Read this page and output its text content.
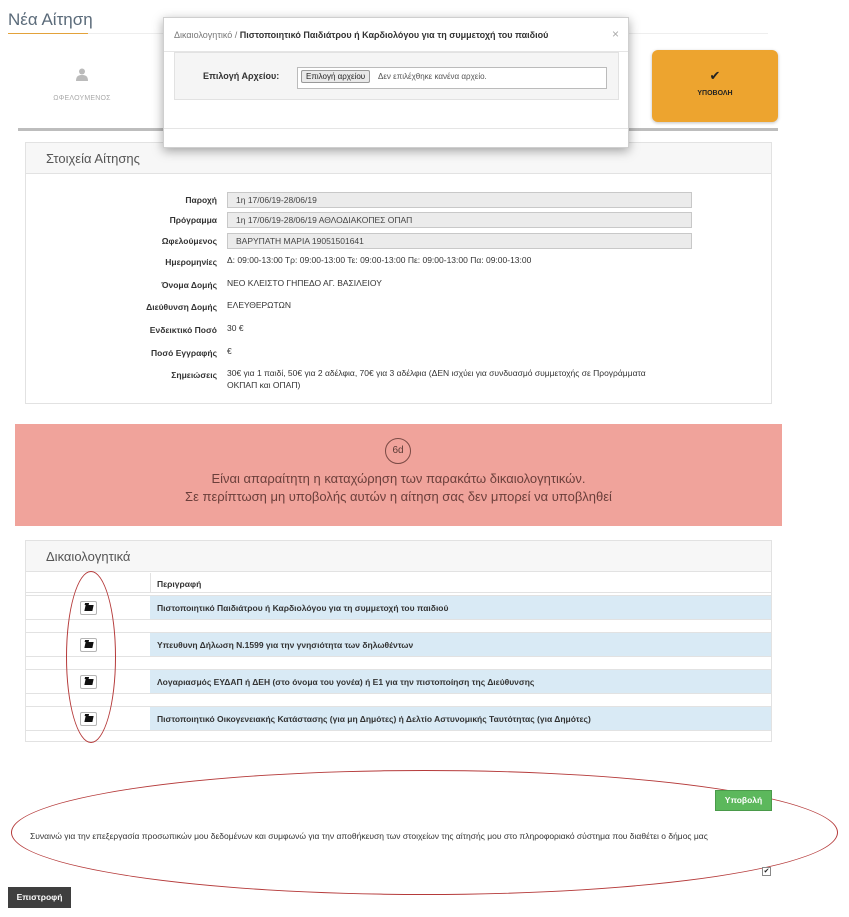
Νέα Αίτηση
ΩΦΕΛΟΥΜΕΝΟΣ
✔
ΥΠΟΒΟΛΗ
Δικαιολογητικό / Πιστοποιητικό Παιδιάτρου ή Καρδιολόγου για τη συμμετοχή του παιδιού	×
Επιλογή Αρχείου:	Επιλογή αρχείου	Δεν επιλέχθηκε κανένα αρχείο.
Στοιχεία Αίτησης
Παροχή	1η 17/06/19-28/06/19
Πρόγραμμα	1η 17/06/19-28/06/19 ΑΘΛΟΔΙΑΚΟΠΕΣ ΟΠΑΠ
Ωφελούμενος	ΒΑΡΥΠΑΤΗ ΜΑΡΙΑ 19051501641
Ημερομηνίες Δ: 09:00-13:00 Τρ: 09:00-13:00 Τε: 09:00-13:00 Πε: 09:00-13:00 Πα: 09:00-13:00
Όνομα Δομής ΝΕΟ ΚΛΕΙΣΤΟ ΓΗΠΕΔΟ ΑΓ. ΒΑΣΙΛΕΙΟΥ
Διεύθυνση Δομής ΕΛΕΥΘΕΡΩΤΩΝ
Ενδεικτικό Ποσό 30 €
Ποσό Εγγραφής €
Σημειώσεις 30€ για 1 παιδί, 50€ για 2 αδέλφια, 70€ για 3 αδέλφια (ΔΕΝ ισχύει για συνδυασμό συμμετοχής σε Προγράμματα
ΟΚΠΑΠ και ΟΠΑΠ)
6d
Είναι απαραίτητη η καταχώρηση των παρακάτω δικαιολογητικών.
Σε περίπτωση μη υποβολής αυτών η αίτηση σας δεν μπορεί να υποβληθεί
Δικαιολογητικά
Περιγραφή
Πιστοποιητικό Παιδιάτρου ή Καρδιολόγου για τη συμμετοχή του παιδιού
Υπευθυνη Δήλωση Ν.1599 για την γνησιότητα των δηλωθέντων
Λογαριασμός ΕΥΔΑΠ ή ΔΕΗ (στο όνομα του γονέα) ή Ε1 για την πιστοποίηση της Διεύθυνσης
Πιστοποιητικό Οικογενειακής Κατάστασης (για μη Δημότες) ή Δελτίο Αστυνομικής Ταυτότητας (για Δημότες)
Υποβολή
Συναινώ για την επεξεργασία προσωπικών μου δεδομένων και συμφωνώ για την αποθήκευση των στοιχείων της αίτησής μου στο πληροφοριακό σύστημα που διαθέτει ο δήμος μας
✔
Επιστροφή
